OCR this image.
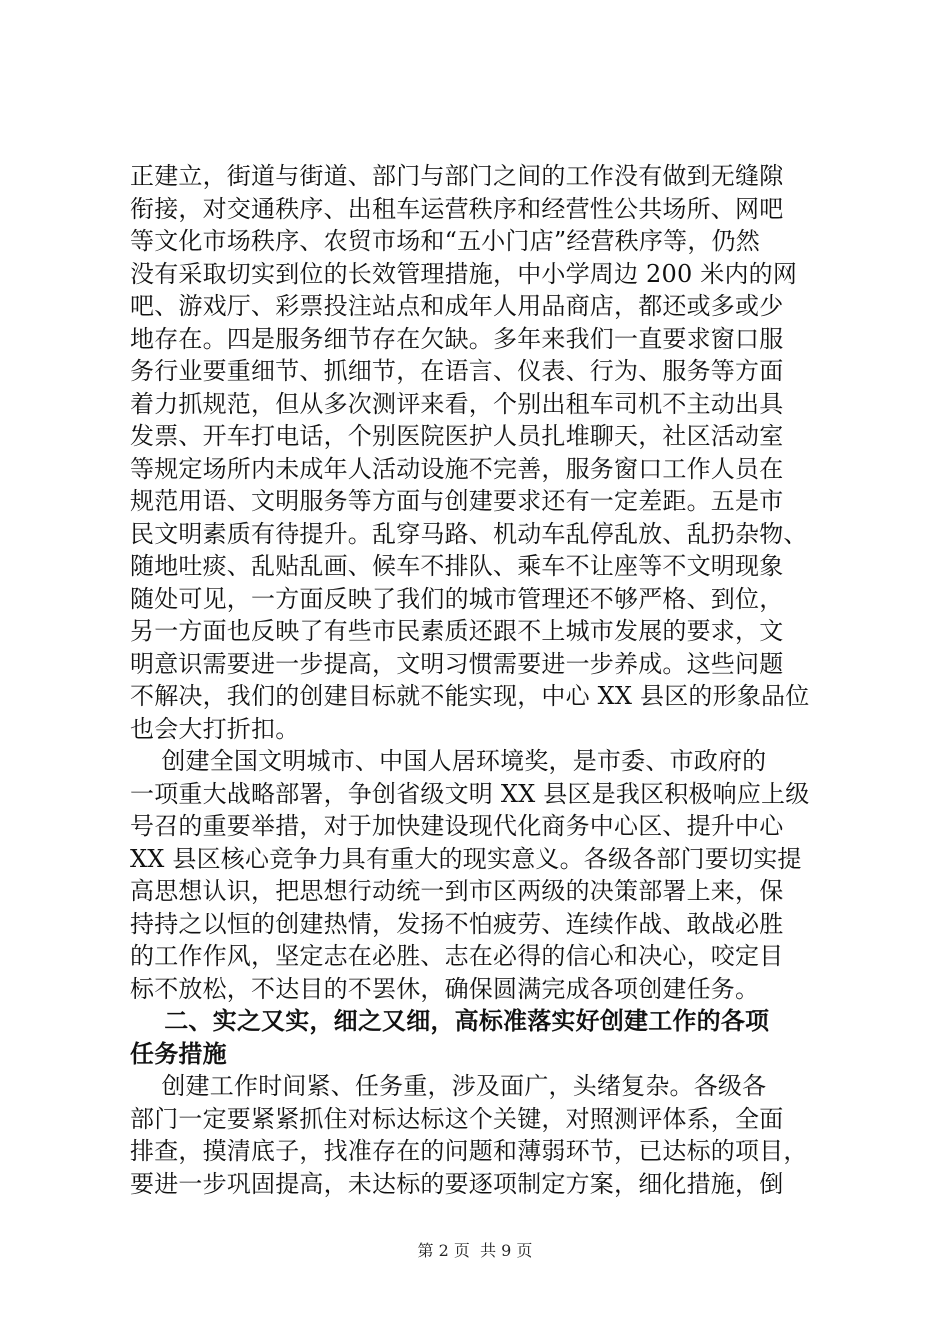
正建立，街道与街道、部门与部门之间的工作没有做到无缝隙
衔接，对交通秩序、出租车运营秩序和经营性公共场所、网吧
等文化市场秩序、农贸市场和“五小门店”经营秩序等，仍然
没有采取切实到位的长效管理措施，中小学周边 200 米内的网
吧、游戏厅、彩票投注站点和成年人用品商店，都还或多或少
地存在。四是服务细节存在欠缺。多年来我们一直要求窗口服
务行业要重细节、抓细节，在语言、仪表、行为、服务等方面
着力抓规范，但从多次测评来看，个别出租车司机不主动出具
发票、开车打电话，个别医院医护人员扎堆聊天，社区活动室
等规定场所内未成年人活动设施不完善，服务窗口工作人员在
规范用语、文明服务等方面与创建要求还有一定差距。五是市
民文明素质有待提升。乱穿马路、机动车乱停乱放、乱扔杂物、
随地吐痰、乱贴乱画、候车不排队、乘车不让座等不文明现象
随处可见，一方面反映了我们的城市管理还不够严格、到位，
另一方面也反映了有些市民素质还跟不上城市发展的要求，文
明意识需要进一步提高，文明习惯需要进一步养成。这些问题
不解决，我们的创建目标就不能实现，中心 XX 县区的形象品位
也会大打折扣。
创建全国文明城市、中国人居环境奖，是市委、市政府的
一项重大战略部署，争创省级文明 XX 县区是我区积极响应上级
号召的重要举措，对于加快建设现代化商务中心区、提升中心
XX 县区核心竞争力具有重大的现实意义。各级各部门要切实提
高思想认识，把思想行动统一到市区两级的决策部署上来，保
持持之以恒的创建热情，发扬不怕疲劳、连续作战、敢战必胜
的工作作风，坚定志在必胜、志在必得的信心和决心，咬定目
标不放松，不达目的不罢休，确保圆满完成各项创建任务。
二、实之又实，细之又细，高标准落实好创建工作的各项
任务措施
创建工作时间紧、任务重，涉及面广，头绪复杂。各级各
部门一定要紧紧抓住对标达标这个关键，对照测评体系，全面
排查，摸清底子，找准存在的问题和薄弱环节，已达标的项目，
要进一步巩固提高，未达标的要逐项制定方案，细化措施，倒
第 2 页  共 9 页
